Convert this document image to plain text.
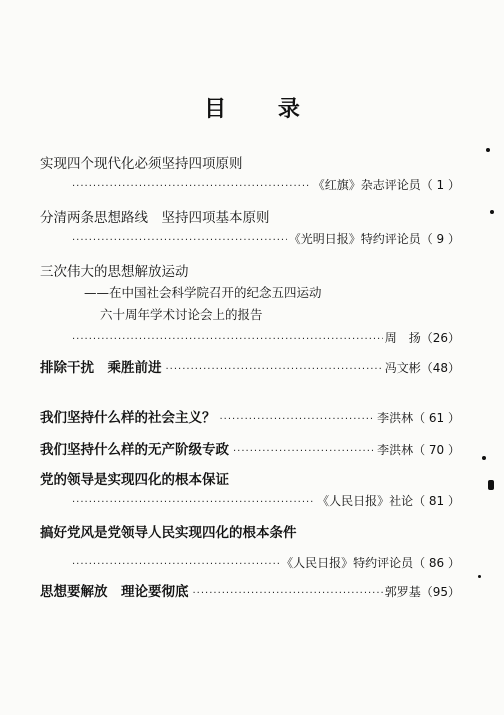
目 录
实现四个现代化必须坚持四项原则
·····
《红旗》杂志评论员（ 1 ）
分清两条思想路线　坚持四项基本原则
·····
《光明日报》特约评论员（ 9 ）
三次伟大的思想解放运动
——在中国社会科学院召开的纪念五四运动
六十周年学术讨论会上的报告
·····
周　扬（26）
排除干扰　乘胜前进 ·····	冯文彬（48）
我们坚持什么样的社会主义？ ·····	李洪林（ 61 ）
我们坚持什么样的无产阶级专政 ·····	李洪林（ 70 ）
党的领导是实现四化的根本保证
·····
《人民日报》社论（ 81 ）
搞好党风是党领导人民实现四化的根本条件
·····
《人民日报》特约评论员（ 86 ）
思想要解放　理论要彻底 ·····	郭罗基（95）
